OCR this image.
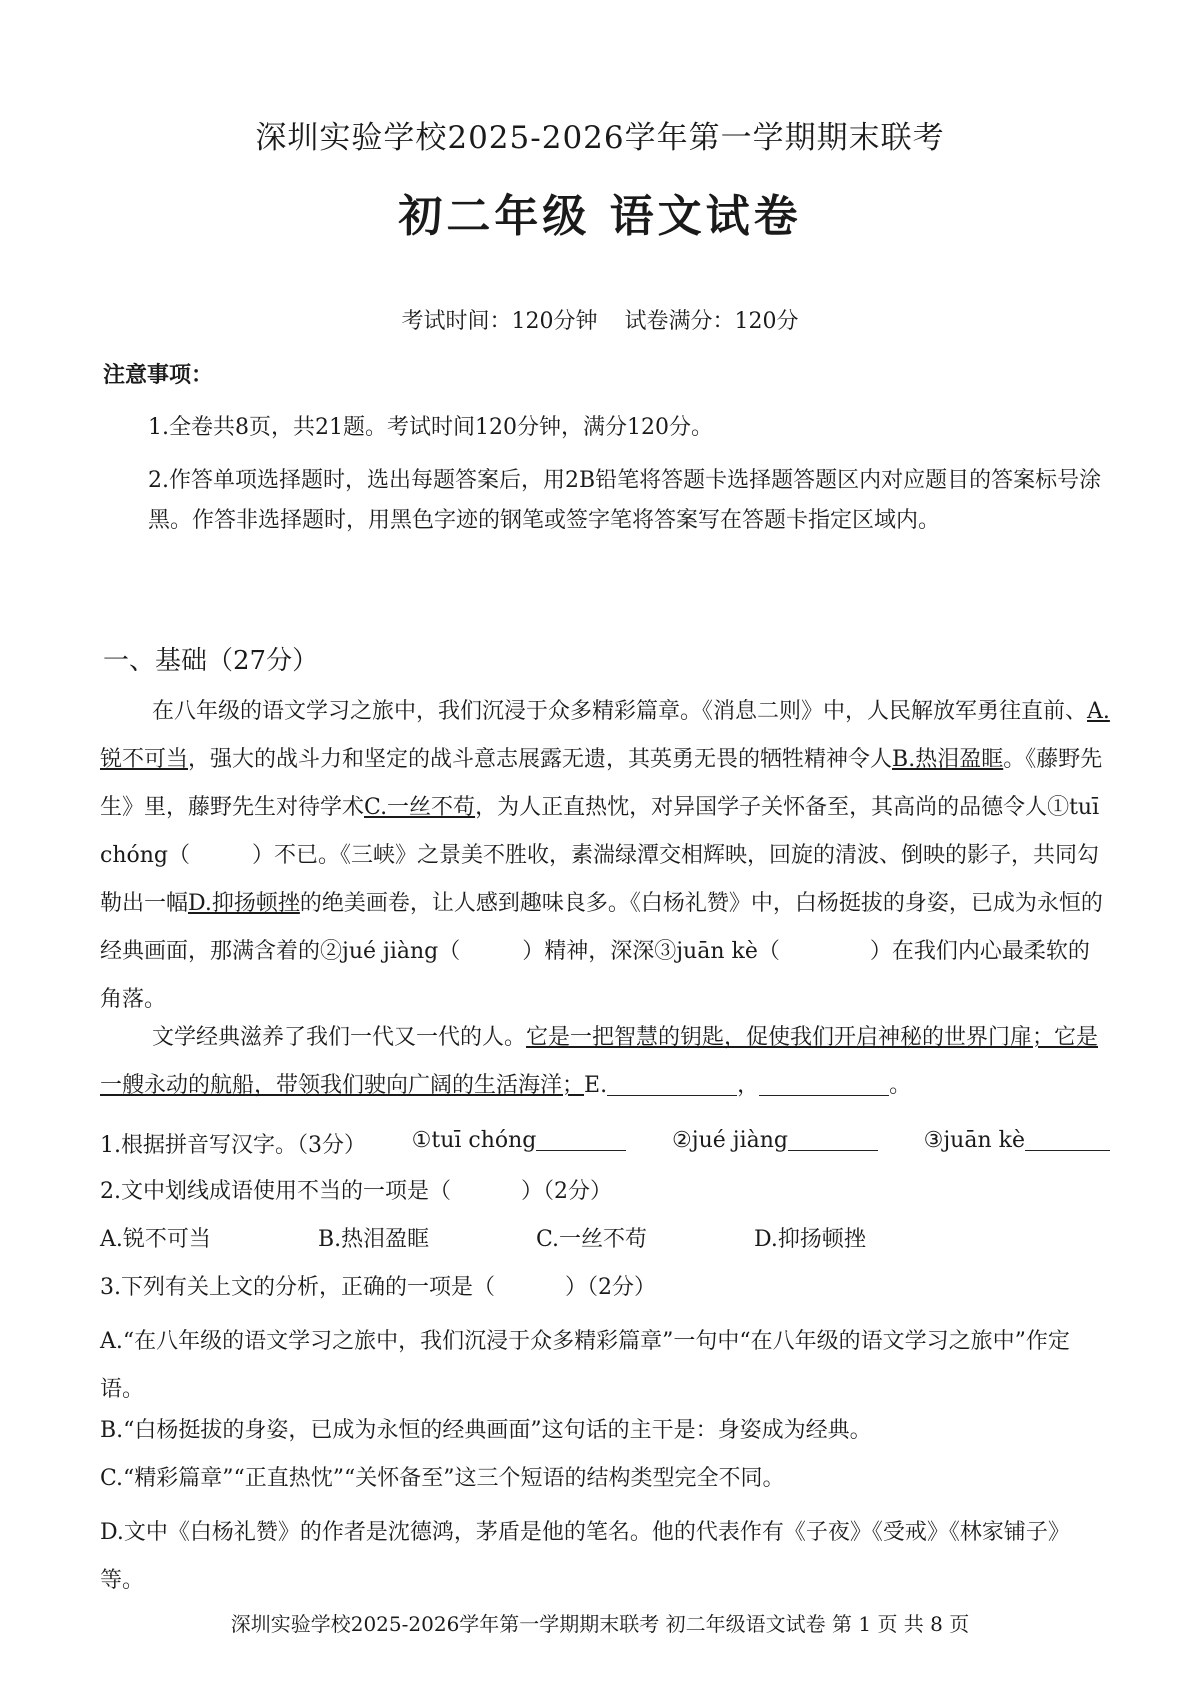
深圳实验学校2025-2026学年第一学期期末联考
初二年级 语文试卷
考试时间：120分钟 试卷满分：120分
注意事项：
1.全卷共8页，共21题。考试时间120分钟，满分120分。
2.作答单项选择题时，选出每题答案后，用2B铅笔将答题卡选择题答题区内对应题目的答案标号涂黑。作答非选择题时，用黑色字迹的钢笔或签字笔将答案写在答题卡指定区域内。
一、基础（27分）
在八年级的语文学习之旅中，我们沉浸于众多精彩篇章。《消息二则》中，人民解放军勇往直前、A.锐不可当，强大的战斗力和坚定的战斗意志展露无遗，其英勇无畏的牺牲精神令人B.热泪盈眶。《藤野先生》里，藤野先生对待学术C.一丝不苟，为人正直热忱，对异国学子关怀备至，其高尚的品德令人①tuī chóng（	）不已。《三峡》之景美不胜收，素湍绿潭交相辉映，回旋的清波、倒映的影子，共同勾勒出一幅D.抑扬顿挫的绝美画卷，让人感到趣味良多。《白杨礼赞》中，白杨挺拔的身姿，已成为永恒的经典画面，那满含着的②jué jiàng（	）精神，深深③juān kè（	）在我们内心最柔软的角落。
文学经典滋养了我们一代又一代的人。它是一把智慧的钥匙，促使我们开启神秘的世界门扉；它是一艘永动的航船，带领我们驶向广阔的生活海洋；E.	，	。
1.根据拼音写汉字。（3分） ①tuī chóng	②jué jiàng	③juān kè
2.文中划线成语使用不当的一项是（	）（2分）
A.锐不可当	B.热泪盈眶	C.一丝不苟	D.抑扬顿挫
3.下列有关上文的分析，正确的一项是（	）（2分）
A.“在八年级的语文学习之旅中，我们沉浸于众多精彩篇章”一句中“在八年级的语文学习之旅中”作定语。
B.“白杨挺拔的身姿，已成为永恒的经典画面”这句话的主干是：身姿成为经典。
C.“精彩篇章”“正直热忱”“关怀备至”这三个短语的结构类型完全不同。
D.文中《白杨礼赞》的作者是沈德鸿，茅盾是他的笔名。他的代表作有《子夜》《受戒》《林家铺子》等。
深圳实验学校2025-2026学年第一学期期末联考 初二年级语文试卷 第 1 页 共 8 页
